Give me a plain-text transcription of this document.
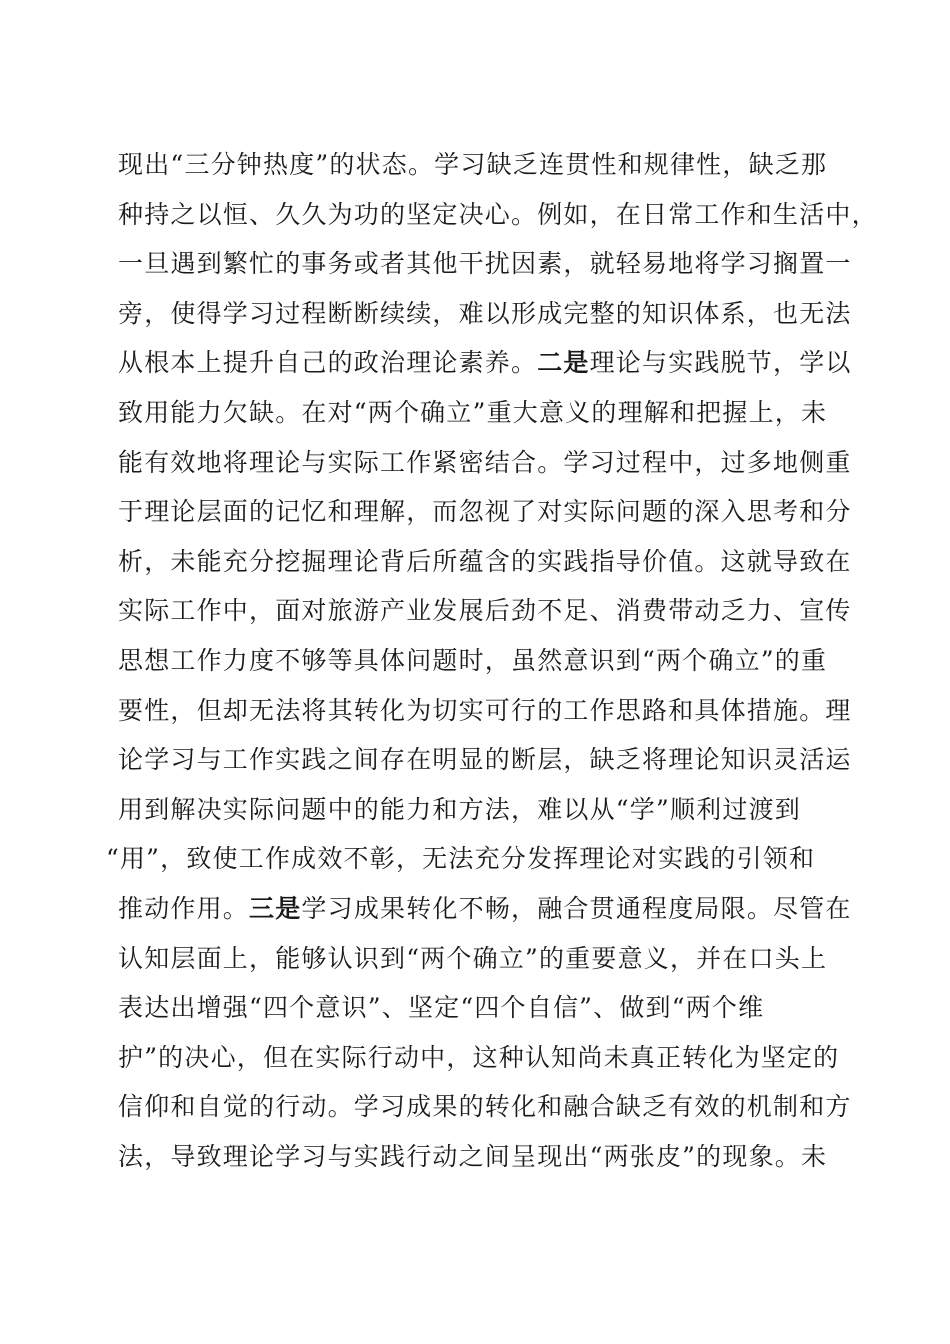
现出“三分钟热度”的状态。学习缺乏连贯性和规律性，缺乏那
种持之以恒、久久为功的坚定决心。例如，在日常工作和生活中，
一旦遇到繁忙的事务或者其他干扰因素，就轻易地将学习搁置一
旁，使得学习过程断断续续，难以形成完整的知识体系，也无法
从根本上提升自己的政治理论素养。二是理论与实践脱节，学以
致用能力欠缺。在对“两个确立”重大意义的理解和把握上，未
能有效地将理论与实际工作紧密结合。学习过程中，过多地侧重
于理论层面的记忆和理解，而忽视了对实际问题的深入思考和分
析，未能充分挖掘理论背后所蕴含的实践指导价值。这就导致在
实际工作中，面对旅游产业发展后劲不足、消费带动乏力、宣传
思想工作力度不够等具体问题时，虽然意识到“两个确立”的重
要性，但却无法将其转化为切实可行的工作思路和具体措施。理
论学习与工作实践之间存在明显的断层，缺乏将理论知识灵活运
用到解决实际问题中的能力和方法，难以从“学”顺利过渡到
“用”，致使工作成效不彰，无法充分发挥理论对实践的引领和
推动作用。三是学习成果转化不畅，融合贯通程度局限。尽管在
认知层面上，能够认识到“两个确立”的重要意义，并在口头上
表达出增强“四个意识”、坚定“四个自信”、做到“两个维
护”的决心，但在实际行动中，这种认知尚未真正转化为坚定的
信仰和自觉的行动。学习成果的转化和融合缺乏有效的机制和方
法，导致理论学习与实践行动之间呈现出“两张皮”的现象。未
